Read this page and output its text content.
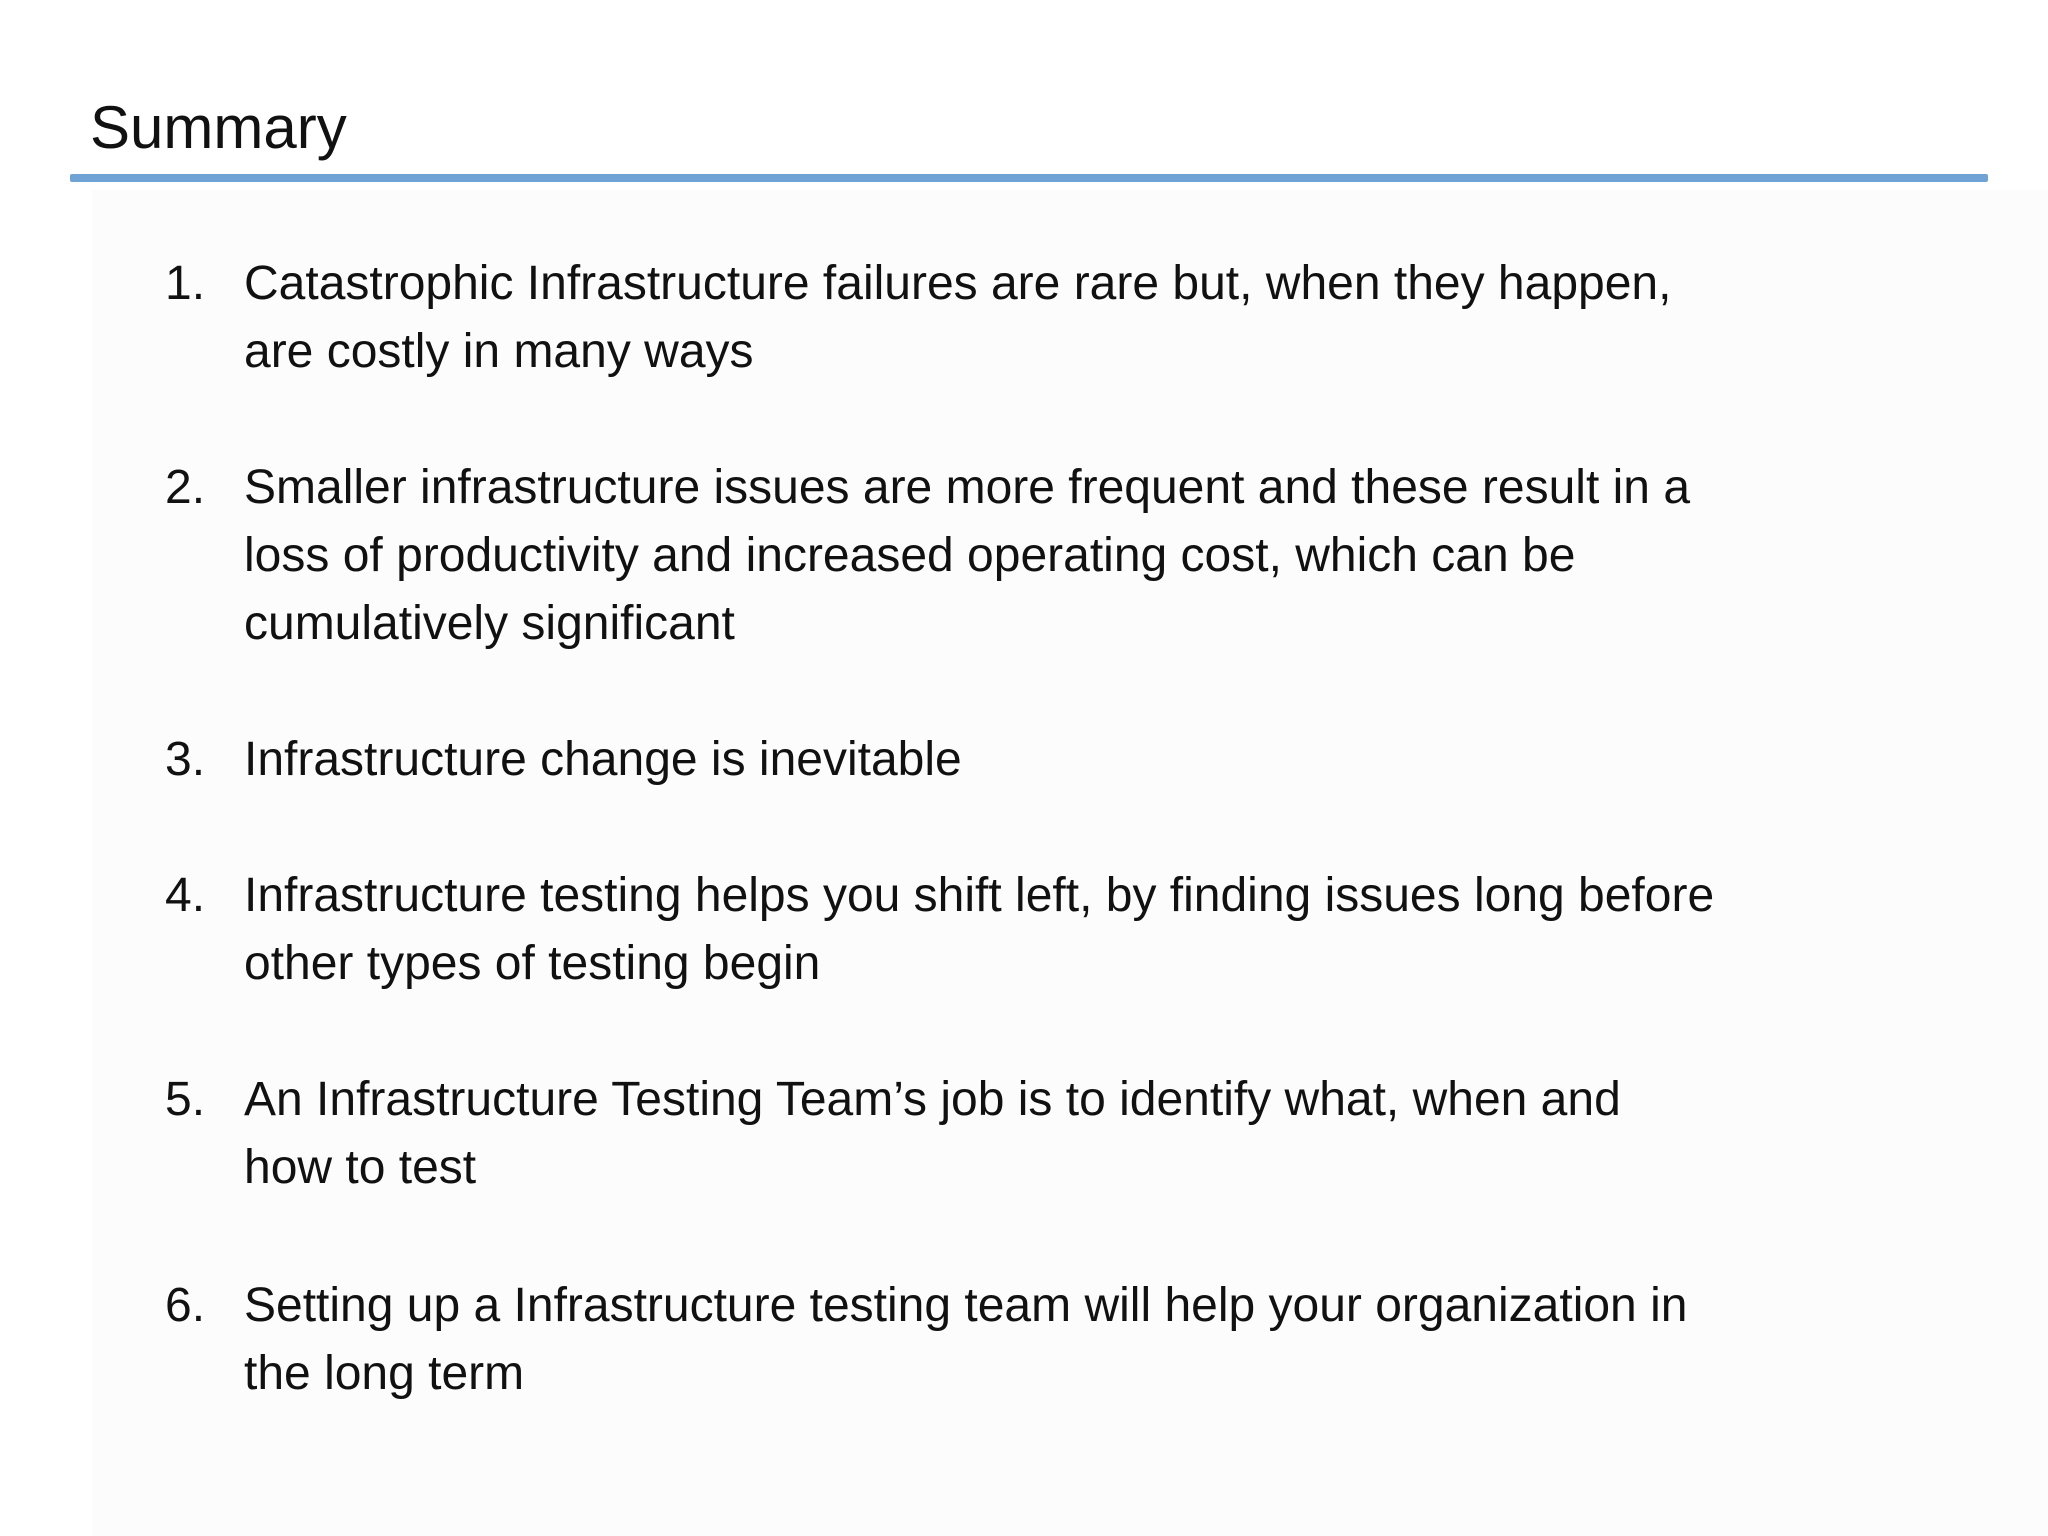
Summary
1. Catastrophic Infrastructure failures are rare but, when they happen,
are costly in many ways
2. Smaller infrastructure issues are more frequent and these result in a
loss of productivity and increased operating cost, which can be
cumulatively significant
3. Infrastructure change is inevitable
4. Infrastructure testing helps you shift left, by finding issues long before
other types of testing begin
5. An Infrastructure Testing Team’s job is to identify what, when and
how to test
6. Setting up a Infrastructure testing team will help your organization in
the long term
